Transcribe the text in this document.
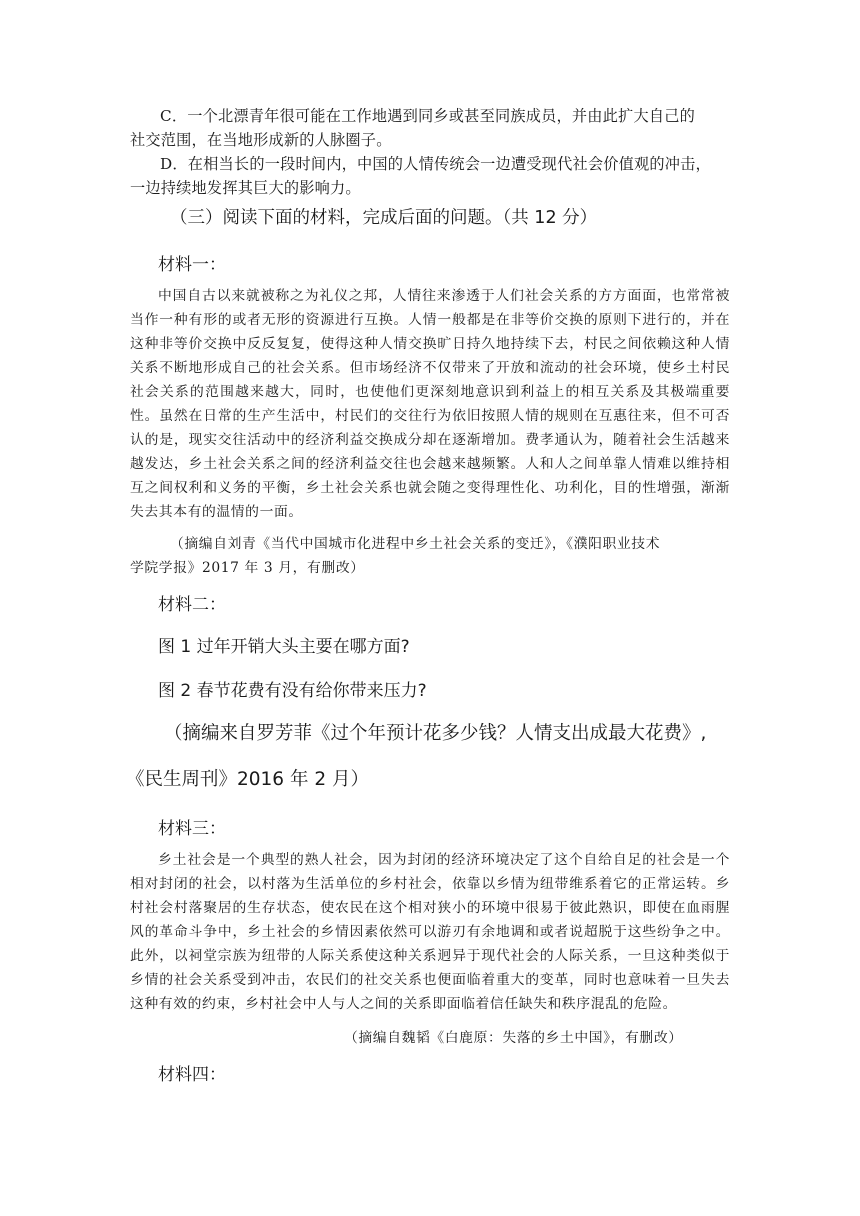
C．一个北漂青年很可能在工作地遇到同乡或甚至同族成员，并由此扩大自己的
社交范围，在当地形成新的人脉圈子。
D．在相当长的一段时间内，中国的人情传统会一边遭受现代社会价值观的冲击，
一边持续地发挥其巨大的影响力。
（三）阅读下面的材料，完成后面的问题。（共 12 分）
材料一：
中国自古以来就被称之为礼仪之邦，人情往来渗透于人们社会关系的方方面面，也常常被当作一种有形的或者无形的资源进行互换。人情一般都是在非等价交换的原则下进行的，并在这种非等价交换中反反复复，使得这种人情交换旷日持久地持续下去，村民之间依赖这种人情关系不断地形成自己的社会关系。但市场经济不仅带来了开放和流动的社会环境，使乡土村民社会关系的范围越来越大，同时，也使他们更深刻地意识到利益上的相互关系及其极端重要性。虽然在日常的生产生活中，村民们的交往行为依旧按照人情的规则在互惠往来，但不可否认的是，现实交往活动中的经济利益交换成分却在逐渐增加。费孝通认为，随着社会生活越来越发达，乡土社会关系之间的经济利益交往也会越来越频繁。人和人之间单靠人情难以维持相互之间权利和义务的平衡，乡土社会关系也就会随之变得理性化、功利化，目的性增强，渐渐失去其本有的温情的一面。
（摘编自刘青《当代中国城市化进程中乡土社会关系的变迁》，《濮阳职业技术
学院学报》2017 年 3 月，有删改）
材料二：
图 1 过年开销大头主要在哪方面?
图 2 春节花费有没有给你带来压力?
（摘编来自罗芳菲《过个年预计花多少钱？人情支出成最大花费》,
《民生周刊》2016 年 2 月）
材料三：
乡土社会是一个典型的熟人社会，因为封闭的经济环境决定了这个自给自足的社会是一个相对封闭的社会，以村落为生活单位的乡村社会，依靠以乡情为纽带维系着它的正常运转。乡村社会村落聚居的生存状态，使农民在这个相对狭小的环境中很易于彼此熟识，即使在血雨腥风的革命斗争中，乡土社会的乡情因素依然可以游刃有余地调和或者说超脱于这些纷争之中。此外，以祠堂宗族为纽带的人际关系使这种关系迥异于现代社会的人际关系，一旦这种类似于乡情的社会关系受到冲击，农民们的社交关系也便面临着重大的变革，同时也意味着一旦失去这种有效的约束，乡村社会中人与人之间的关系即面临着信任缺失和秩序混乱的危险。
（摘编自魏韬《白鹿原：失落的乡土中国》，有删改）
材料四：
